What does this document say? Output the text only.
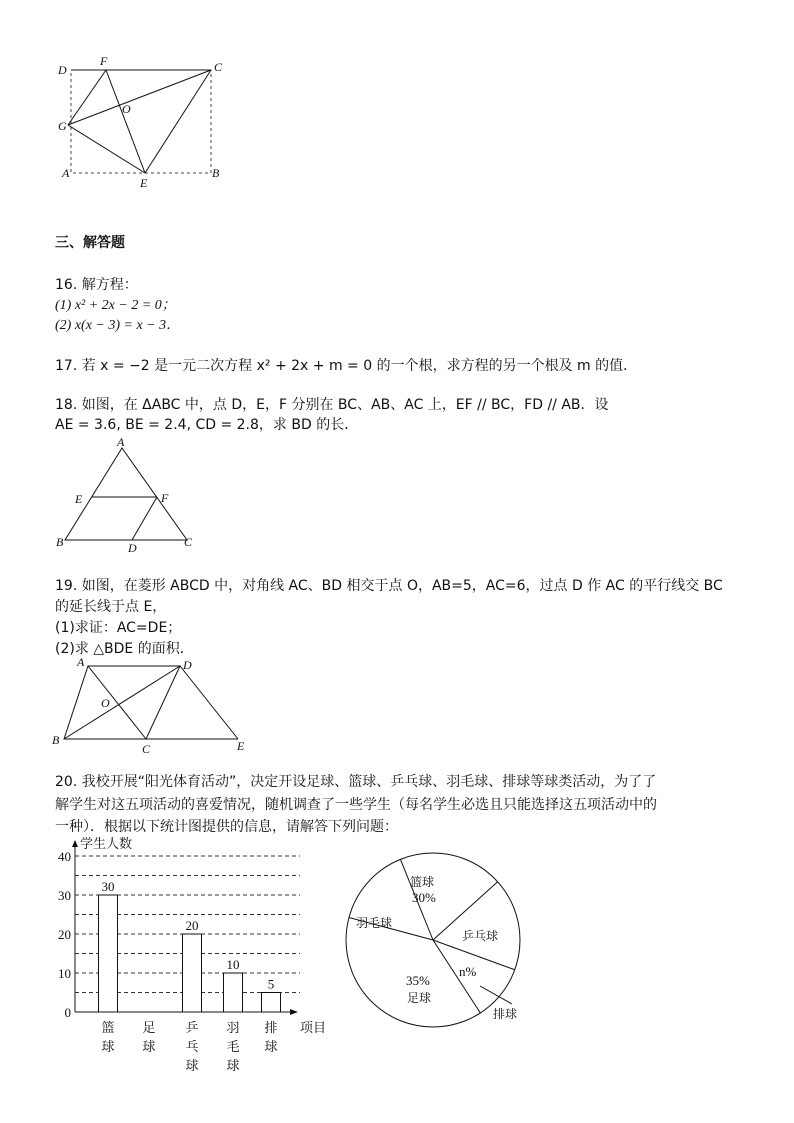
D
F	C
G
O
A
E
B
三、解答题
16. 解方程：
(1) x² + 2x − 2 = 0；
(2) x(x − 3) = x − 3．
17. 若 x = −2 是一元二次方程 x² + 2x + m = 0 的一个根，求方程的另一个根及 m 的值．
18. 如图，在 ΔABC 中，点 D，E，F 分别在 BC、AB、AC 上，EF // BC，FD // AB．设
AE = 3.6, BE = 2.4, CD = 2.8，求 BD 的长．
A
E	F
B	D	C
19. 如图，在菱形 ABCD 中，对角线 AC、BD 相交于点 O，AB=5，AC=6，过点 D 作 AC 的平行线交 BC
的延长线于点 E，
(1)求证：AC=DE；
(2)求 △BDE 的面积．
A	D
O
B
C	E
20. 我校开展“阳光体育活动”，决定开设足球、篮球、乒乓球、羽毛球、排球等球类活动，为了了
解学生对这五项活动的喜爱情况，随机调查了一些学生（每名学生必选且只能选择这五项活动中的
一种）．根据以下统计图提供的信息，请解答下列问题：
学生人数
项目
0
10
20
30
40
30
20
10
5
篮
球
足
球
乒
乓
球
羽
毛
球
排
球
篮球
30%
乒乓球
n%
35%
足球
羽毛球
排球
